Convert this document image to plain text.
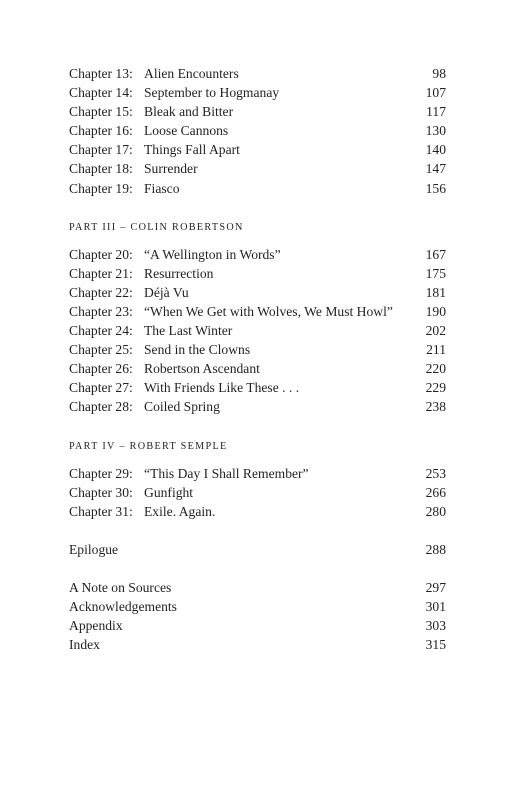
Chapter 13: Alien Encounters	98
Chapter 14: September to Hogmanay	107
Chapter 15: Bleak and Bitter	117
Chapter 16: Loose Cannons	130
Chapter 17: Things Fall Apart	140
Chapter 18: Surrender	147
Chapter 19: Fiasco	156
PART III – COLIN ROBERTSON
Chapter 20: “A Wellington in Words”	167
Chapter 21: Resurrection	175
Chapter 22: Déjà Vu	181
Chapter 23: “When We Get with Wolves, We Must Howl”	190
Chapter 24: The Last Winter	202
Chapter 25: Send in the Clowns	211
Chapter 26: Robertson Ascendant	220
Chapter 27: With Friends Like These . . .	229
Chapter 28: Coiled Spring	238
PART IV – ROBERT SEMPLE
Chapter 29: “This Day I Shall Remember”	253
Chapter 30: Gunfight	266
Chapter 31: Exile. Again.	280
Epilogue	288
A Note on Sources	297
Acknowledgements	301
Appendix	303
Index	315
